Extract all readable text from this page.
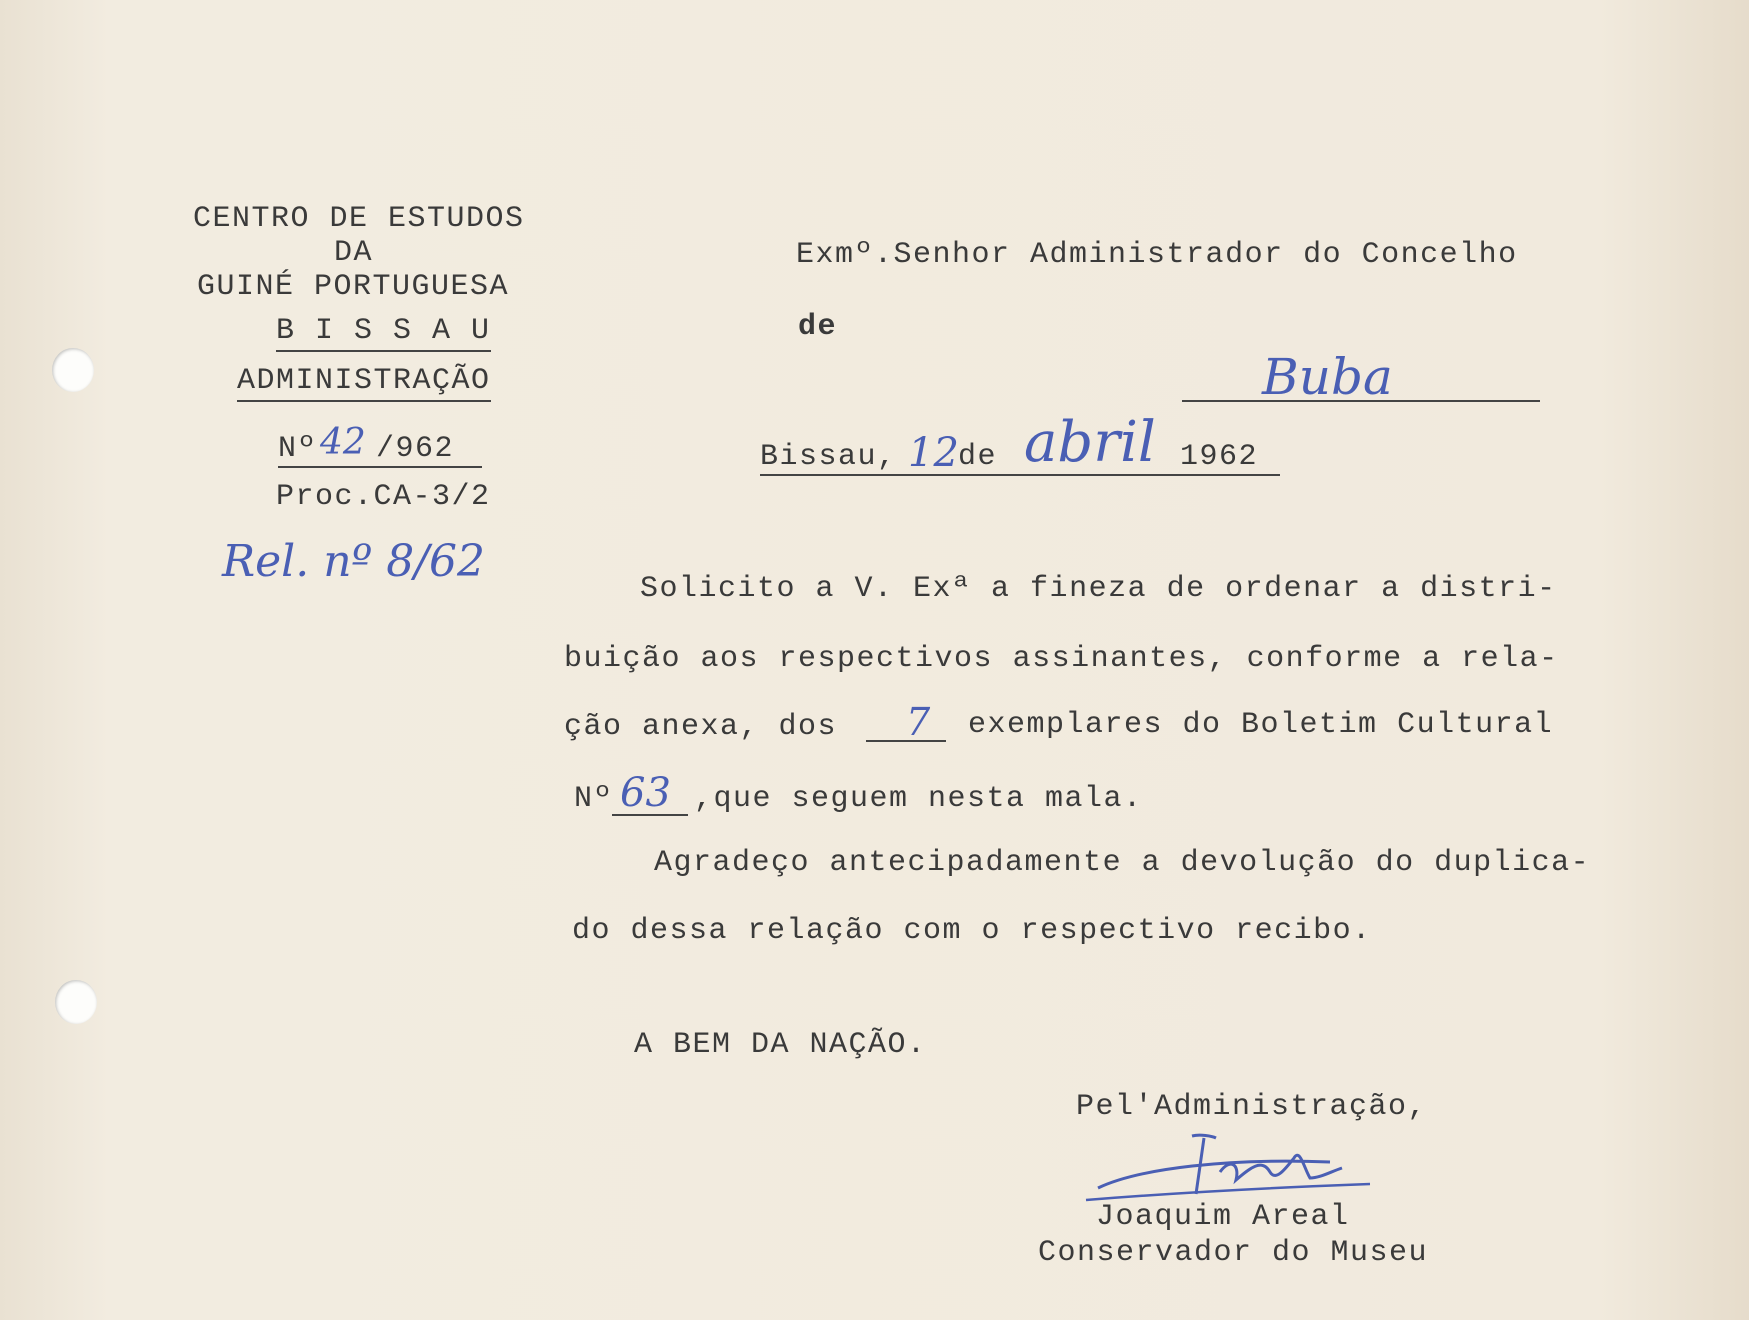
CENTRO DE ESTUDOS
DA
GUINÉ PORTUGUESA
B I S S A U
ADMINISTRAÇÃO
Nº 42 /962
Proc.CA-3/2
Rel. nº 8/62
Exmº.Senhor Administrador do Concelho
de
Buba
Bissau, 12 de abril 1962
Solicito a V. Exª a fineza de ordenar a distri-
buição aos respectivos assinantes, conforme a rela-
ção anexa, dos 7 exemplares do Boletim Cultural
Nº 63 ,que seguem nesta mala.
Agradeço antecipadamente a devolução do duplica-
do dessa relação com o respectivo recibo.
A BEM DA NAÇÃO.
Pel'Administração,
Joaquim Areal
Conservador do Museu
